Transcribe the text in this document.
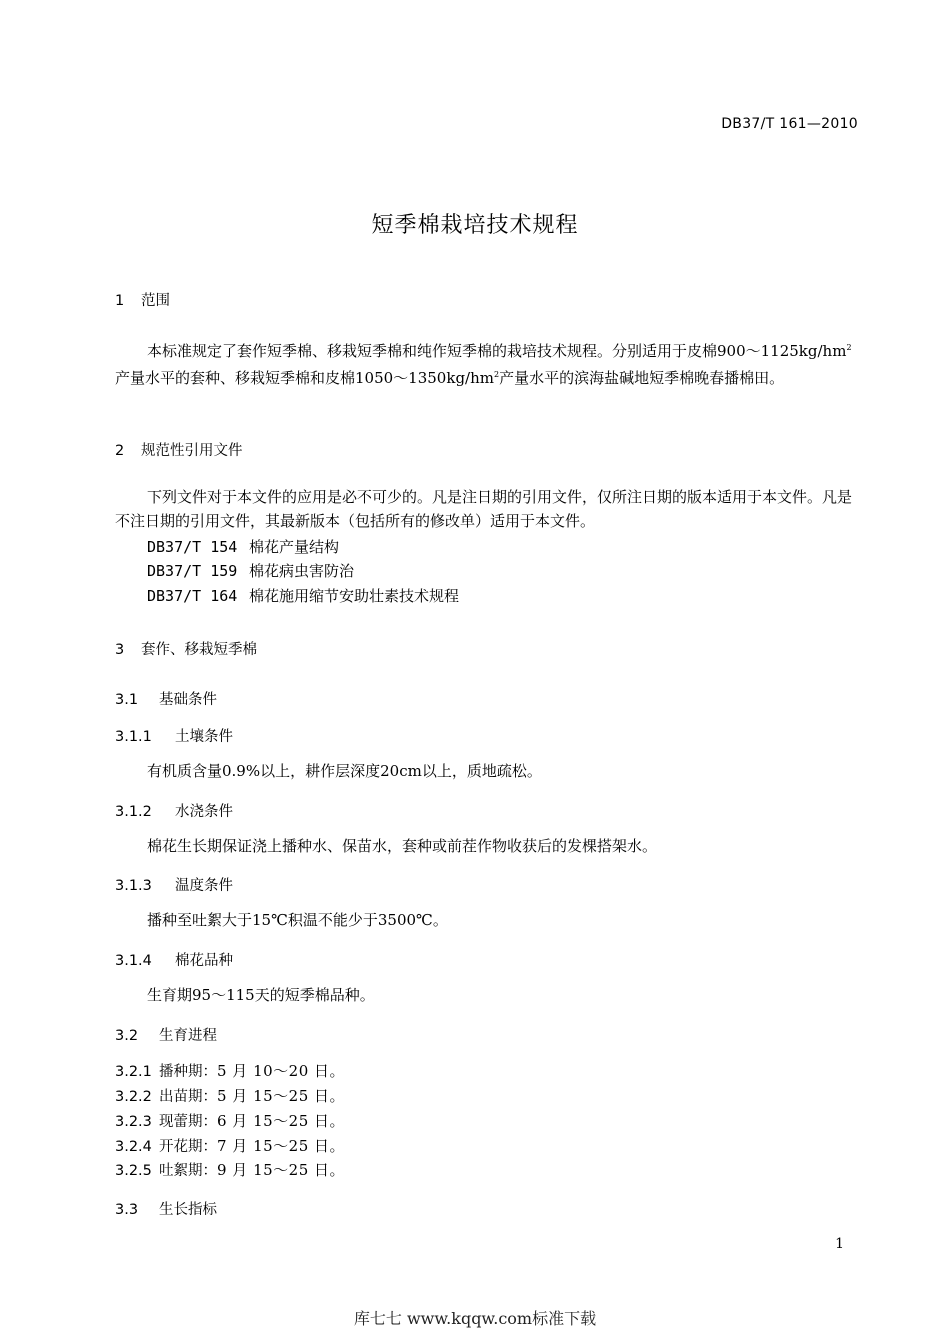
DB37/T 161—2010
短季棉栽培技术规程
1 范围
本标准规定了套作短季棉、移栽短季棉和纯作短季棉的栽培技术规程。分别适用于皮棉$900\sim 1125kg/hm^2$产量水平的套种、移栽短季棉和皮棉$1050\sim 1350kg/hm^2$产量水平的滨海盐碱地短季棉晚春播棉田。
2 规范性引用文件
下列文件对于本文件的应用是必不可少的。凡是注日期的引用文件，仅所注日期的版本适用于本文件。凡是不注日期的引用文件，其最新版本（包括所有的修改单）适用于本文件。
DB37/T 154 棉花产量结构
DB37/T 159 棉花病虫害防治
DB37/T 164 棉花施用缩节安助壮素技术规程
3 套作、移栽短季棉
3.1 基础条件
3.1.1 土壤条件
有机质含量0.9%以上，耕作层深度20cm以上，质地疏松。
3.1.2 水浇条件
棉花生长期保证浇上播种水、保苗水，套种或前茬作物收获后的发棵搭架水。
3.1.3 温度条件
播种至吐絮大于15℃积温不能少于3500℃。
3.1.4 棉花品种
生育期95～115天的短季棉品种。
3.2 生育进程
3.2.1 播种期：5 月 10～20 日。
3.2.2 出苗期：5 月 15～25 日。
3.2.3 现蕾期：6 月 15～25 日。
3.2.4 开花期：7 月 15～25 日。
3.2.5 吐絮期：9 月 15～25 日。
3.3 生长指标
1
库七七 www.kqqw.com标准下载
